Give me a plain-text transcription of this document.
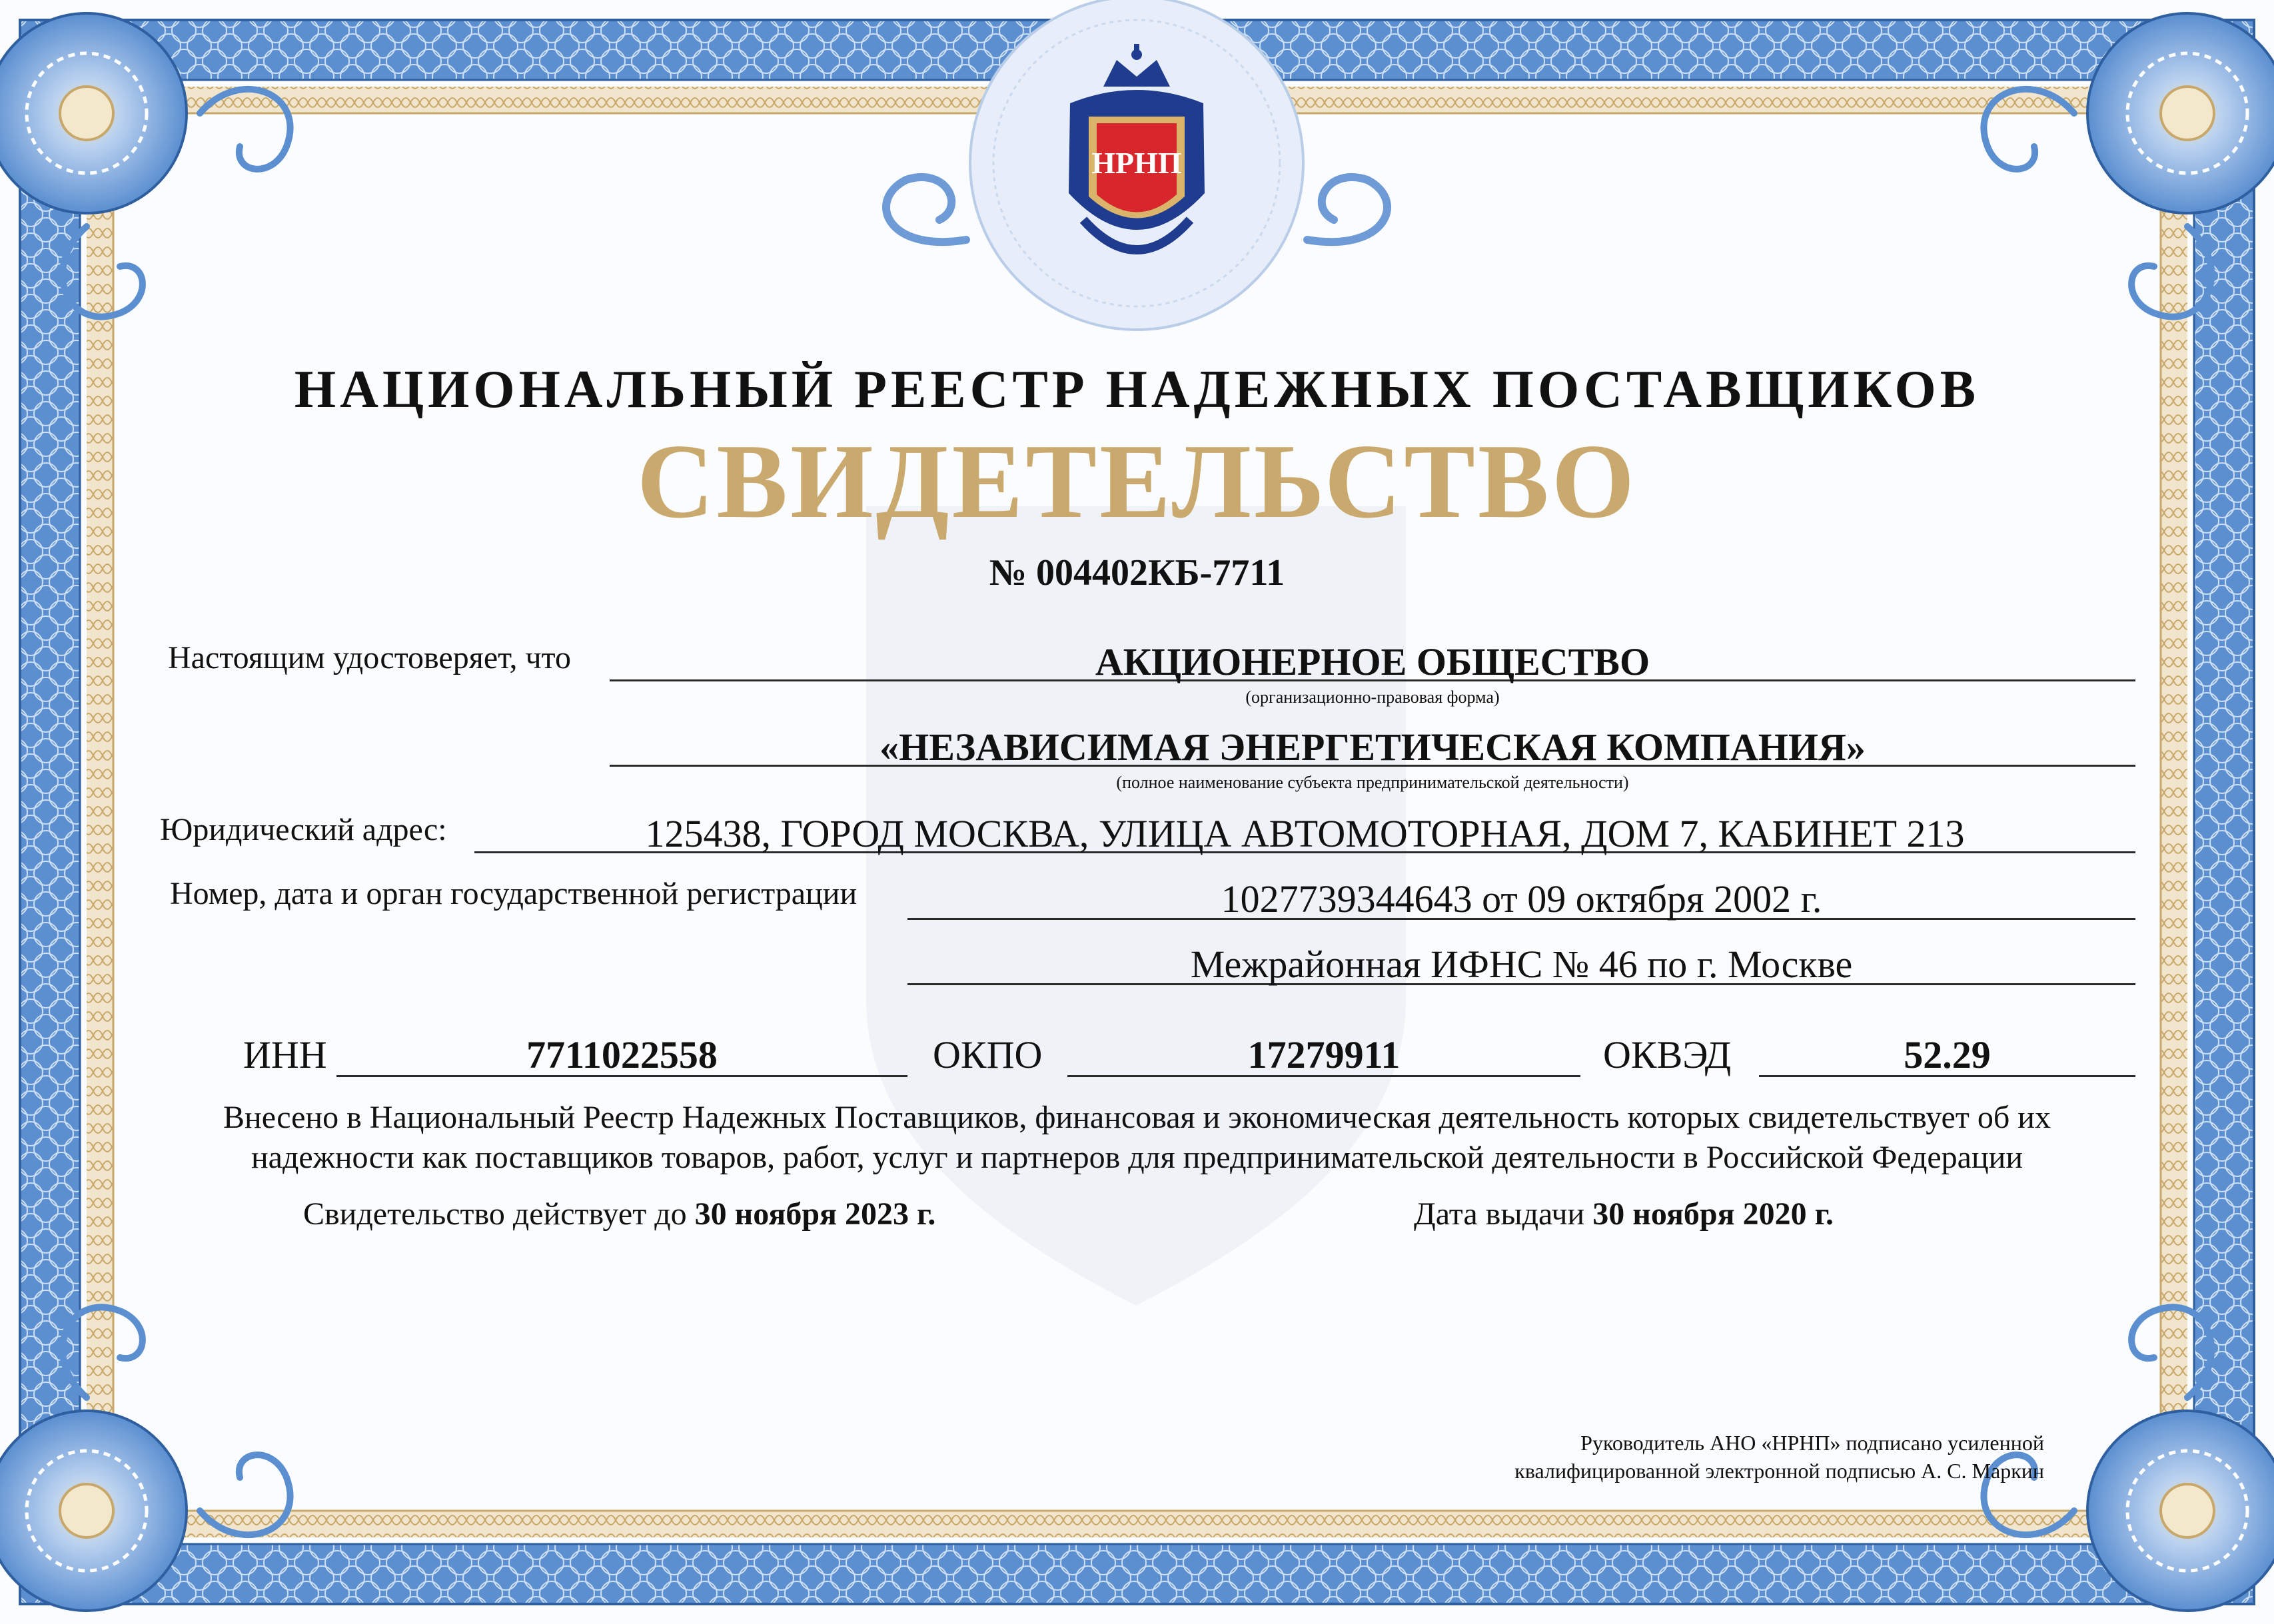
НРНП
НАЦИОНАЛЬНЫЙ РЕЕСТР НАДЕЖНЫХ ПОСТАВЩИКОВ
СВИДЕТЕЛЬСТВО
№ 004402КБ-7711
Настоящим удостоверяет, что	АКЦИОНЕРНОЕ ОБЩЕСТВО
(организационно-правовая форма)
«НЕЗАВИСИМАЯ ЭНЕРГЕТИЧЕСКАЯ КОМПАНИЯ»
(полное наименование субъекта предпринимательской деятельности)
Юридический адрес:	125438, ГОРОД МОСКВА, УЛИЦА АВТОМОТОРНАЯ, ДОМ 7, КАБИНЕТ 213
Номер, дата и орган государственной регистрации	1027739344643 от 09 октября 2002 г.
Межрайонная ИФНС № 46 по г. Москве
ИНН	7711022558	ОКПО	17279911	ОКВЭД	52.29
Внесено в Национальный Реестр Надежных Поставщиков, финансовая и экономическая деятельность которых свидетельствует об их
надежности как поставщиков товаров, работ, услуг и партнеров для предпринимательской деятельности в Российской Федерации
Свидетельство действует до 30 ноября 2023 г.	Дата выдачи 30 ноября 2020 г.
Руководитель АНО «НРНП» подписано усиленной
квалифицированной электронной подписью А. С. Маркин
